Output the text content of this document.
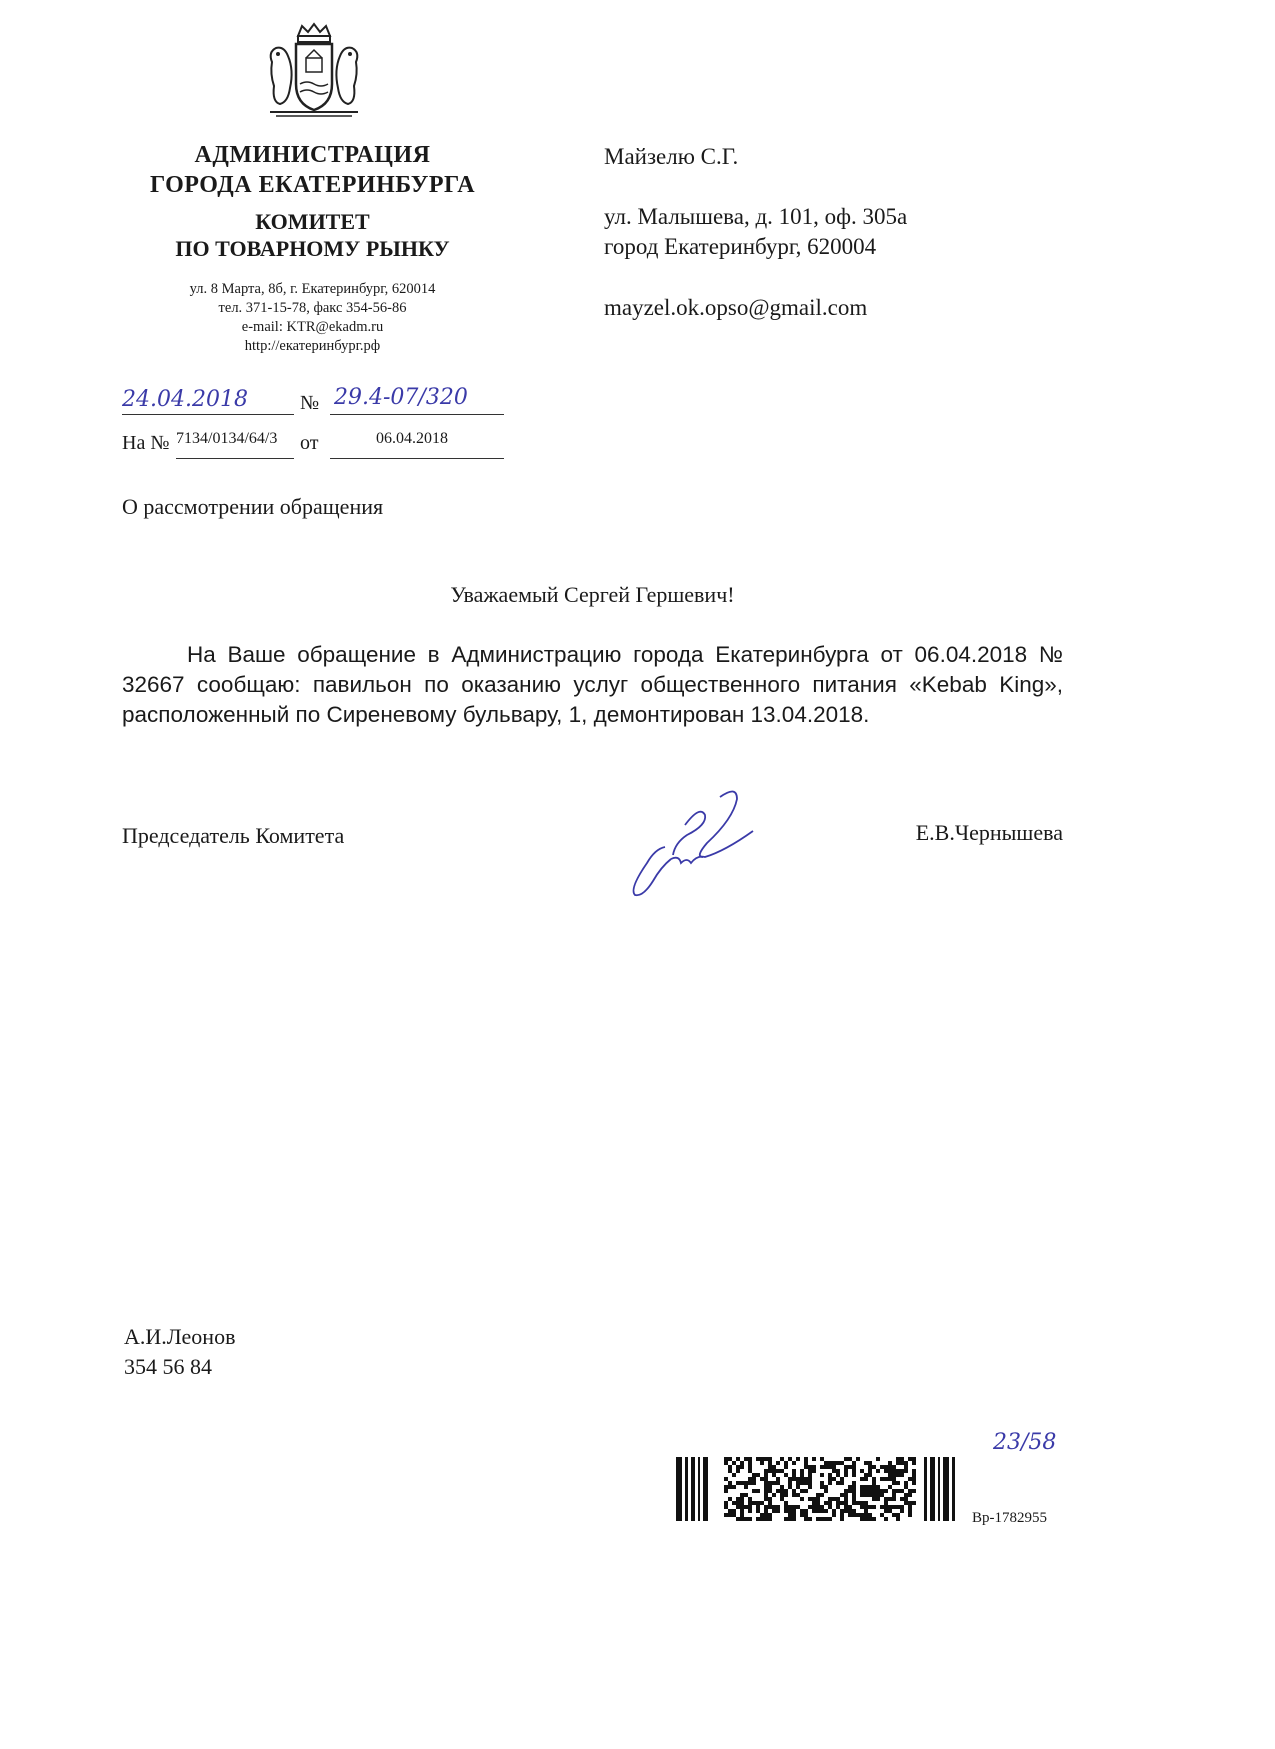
АДМИНИСТРАЦИЯ
ГОРОДА ЕКАТЕРИНБУРГА
КОМИТЕТ
ПО ТОВАРНОМУ РЫНКУ
ул. 8 Марта, 8б, г. Екатеринбург, 620014
тел. 371-15-78, факс 354-56-86
e-mail: KTR@ekadm.ru
http://екатеринбург.рф
Майзелю С.Г.
ул. Малышева, д. 101, оф. 305а
город Екатеринбург, 620004
mayzel.ok.opso@gmail.com
24.04.2018	№ 29.4-07/320
На № 7134/0134/64/3 от	06.04.2018
О рассмотрении обращения
Уважаемый Сергей Гершевич!
На Ваше обращение в Администрацию города Екатеринбурга от 06.04.2018 № 32667 сообщаю: павильон по оказанию услуг общественного питания «Kebab King», расположенный по Сиреневому бульвару, 1, демонтирован 13.04.2018.
Председатель Комитета	Е.В.Чернышева
А.И.Леонов
354 56 84
Вр-1782955
23/58
